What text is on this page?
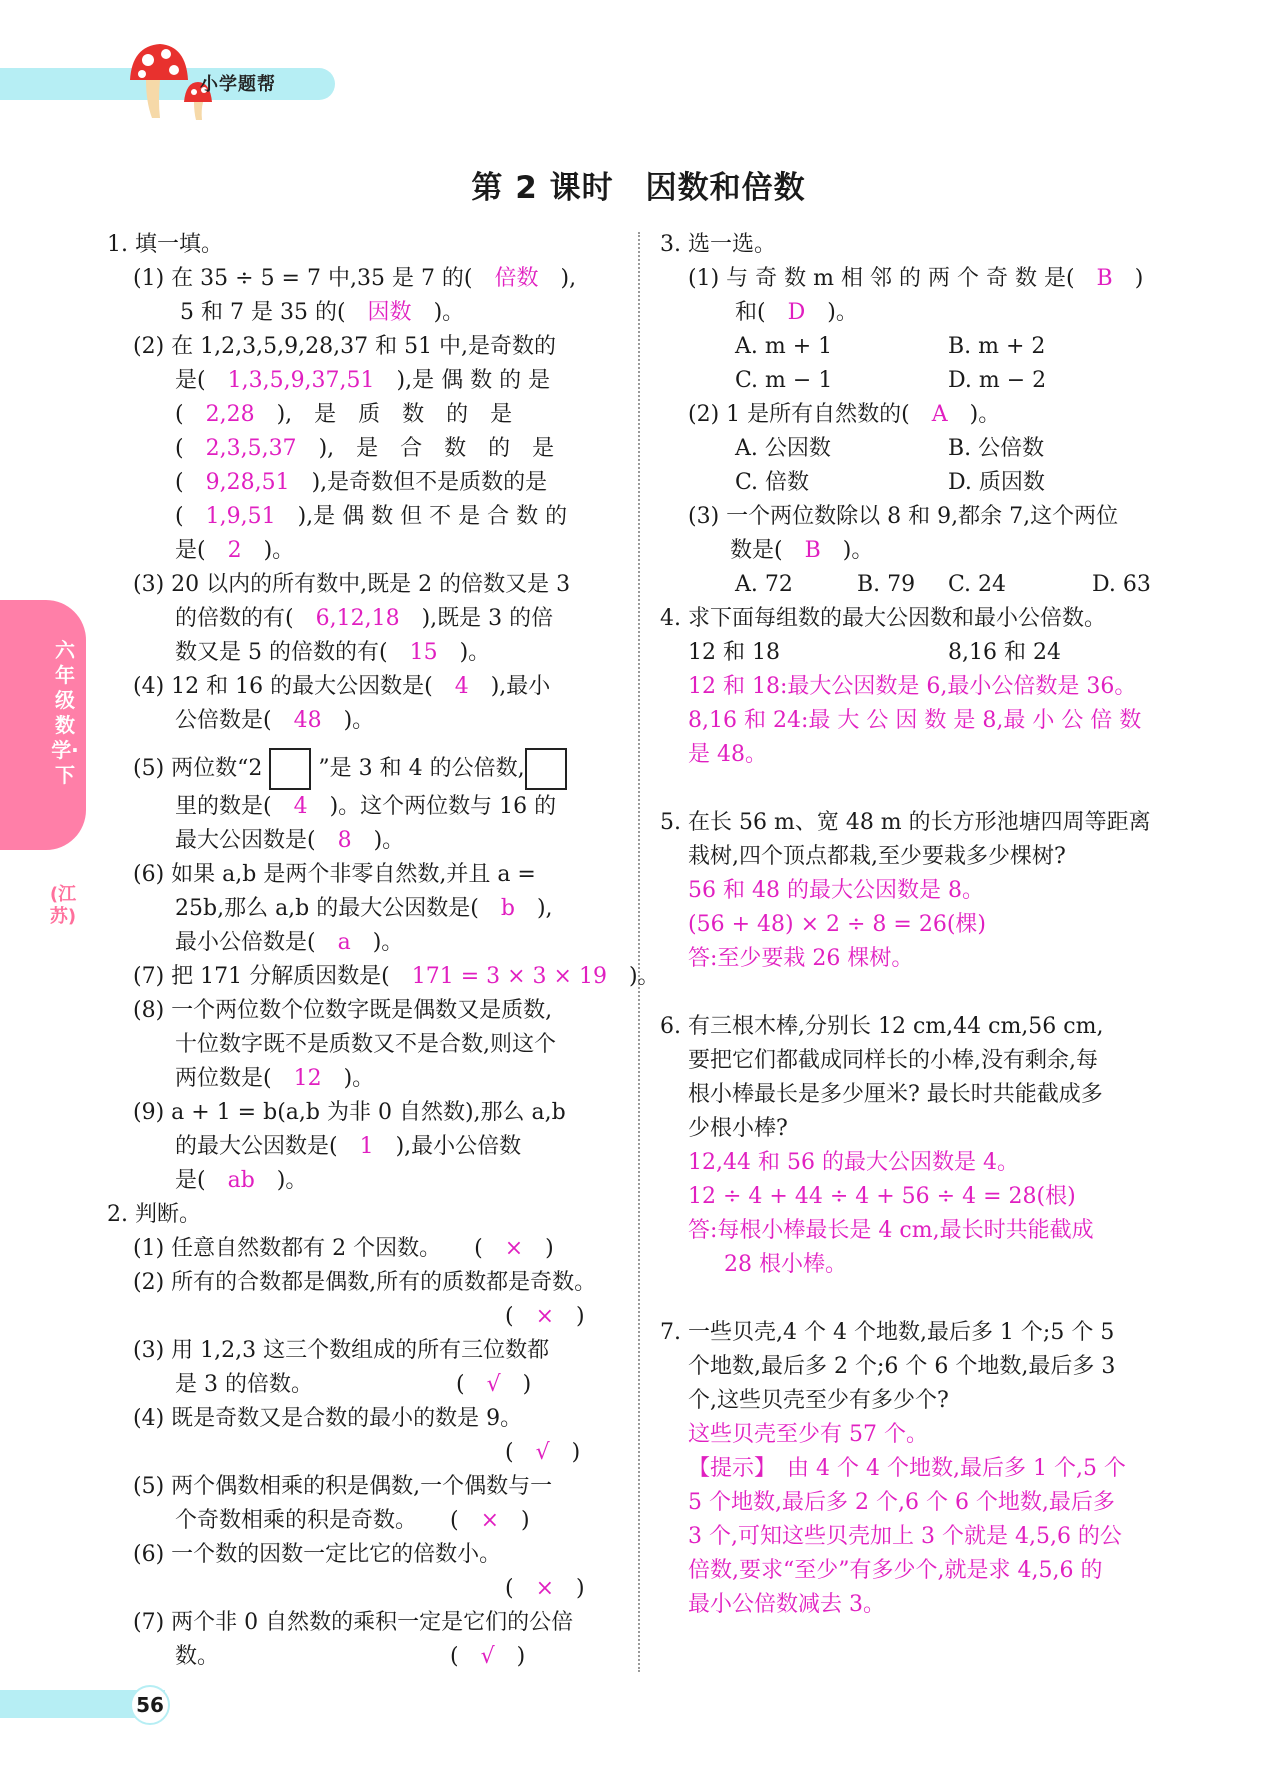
小学题帮
第 2 课时　因数和倍数
六年级数学·下
(江苏)
1. 填一填。
(1) 在 35 ÷ 5 = 7 中,35 是 7 的(　倍数　),
5 和 7 是 35 的(　因数　)。
(2) 在 1,2,3,5,9,28,37 和 51 中,是奇数的
是(　1,3,5,9,37,51　),是 偶 数 的 是
(　2,28　),　是　质　数　的　是
(　2,3,5,37　),　是　合　数　的　是
(　9,28,51　),是奇数但不是质数的是
(　1,9,51　),是 偶 数 但 不 是 合 数 的
是(　2　)。
(3) 20 以内的所有数中,既是 2 的倍数又是 3
的倍数的有(　6,12,18　),既是 3 的倍
数又是 5 的倍数的有(　15　)。
(4) 12 和 16 的最大公因数是(　4　),最小
公倍数是(　48　)。
(5) 两位数“2  ”是 3 和 4 的公倍数,
里的数是(　4　)。这个两位数与 16 的
最大公因数是(　8　)。
(6) 如果 a,b 是两个非零自然数,并且 a =
25b,那么 a,b 的最大公因数是(　b　),
最小公倍数是(　a　)。
(7) 把 171 分解质因数是(　171 = 3 × 3 × 19　)。
(8) 一个两位数个位数字既是偶数又是质数,
十位数字既不是质数又不是合数,则这个
两位数是(　12　)。
(9) a + 1 = b(a,b 为非 0 自然数),那么 a,b
的最大公因数是(　1　),最小公倍数
是(　ab　)。
2. 判断。
(1) 任意自然数都有 2 个因数。　　(　×　)
(2) 所有的合数都是偶数,所有的质数都是奇数。
(　×　)
(3) 用 1,2,3 这三个数组成的所有三位数都
是 3 的倍数。　　　　　　　(　√　)
(4) 既是奇数又是合数的最小的数是 9。
(　√　)
(5) 两个偶数相乘的积是偶数,一个偶数与一
个奇数相乘的积是奇数。　　(　×　)
(6) 一个数的因数一定比它的倍数小。
(　×　)
(7) 两个非 0 自然数的乘积一定是它们的公倍
数。　　　　　　　　　　　(　√　)
3. 选一选。
(1) 与 奇 数 m 相 邻 的 两 个 奇 数 是(　B　)
和(　D　)。
A. m + 1	B. m + 2
C. m − 1	D. m − 2
(2) 1 是所有自然数的(　A　)。
A. 公因数	B. 公倍数
C. 倍数	D. 质因数
(3) 一个两位数除以 8 和 9,都余 7,这个两位
数是(　B　)。
A. 72	B. 79 C. 24	D. 63
4. 求下面每组数的最大公因数和最小公倍数。
12 和 18	8,16 和 24
12 和 18:最大公因数是 6,最小公倍数是 36。
8,16 和 24:最 大 公 因 数 是 8,最 小 公 倍 数
是 48。
5. 在长 56 m、宽 48 m 的长方形池塘四周等距离
栽树,四个顶点都栽,至少要栽多少棵树?
56 和 48 的最大公因数是 8。
(56 + 48) × 2 ÷ 8 = 26(棵)
答:至少要栽 26 棵树。
6. 有三根木棒,分别长 12 cm,44 cm,56 cm,
要把它们都截成同样长的小棒,没有剩余,每
根小棒最长是多少厘米? 最长时共能截成多
少根小棒?
12,44 和 56 的最大公因数是 4。
12 ÷ 4 + 44 ÷ 4 + 56 ÷ 4 = 28(根)
答:每根小棒最长是 4 cm,最长时共能截成
28 根小棒。
7. 一些贝壳,4 个 4 个地数,最后多 1 个;5 个 5
个地数,最后多 2 个;6 个 6 个地数,最后多 3
个,这些贝壳至少有多少个?
这些贝壳至少有 57 个。
【提示】　由 4 个 4 个地数,最后多 1 个,5 个
5 个地数,最后多 2 个,6 个 6 个地数,最后多
3 个,可知这些贝壳加上 3 个就是 4,5,6 的公
倍数,要求“至少”有多少个,就是求 4,5,6 的
最小公倍数减去 3。
56
